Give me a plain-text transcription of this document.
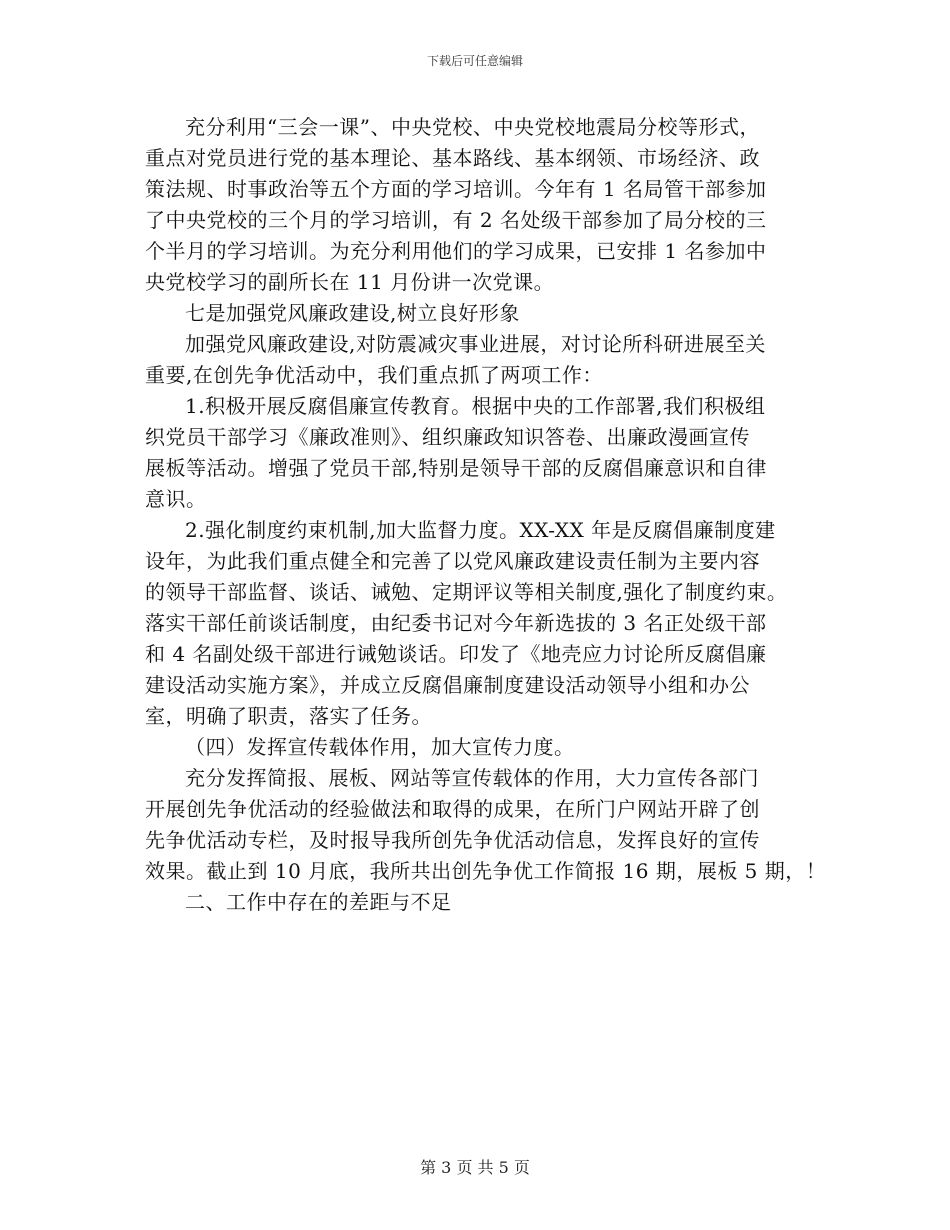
下载后可任意编辑
充分利用“三会一课”、中央党校、中央党校地震局分校等形式，
重点对党员进行党的基本理论、基本路线、基本纲领、市场经济、政
策法规、时事政治等五个方面的学习培训。今年有 1 名局管干部参加
了中央党校的三个月的学习培训，有 2 名处级干部参加了局分校的三
个半月的学习培训。为充分利用他们的学习成果，已安排 1 名参加中
央党校学习的副所长在 11 月份讲一次党课。
七是加强党风廉政建设,树立良好形象
加强党风廉政建设,对防震减灾事业进展，对讨论所科研进展至关
重要,在创先争优活动中，我们重点抓了两项工作：
1.积极开展反腐倡廉宣传教育。根据中央的工作部署,我们积极组
织党员干部学习《廉政准则》、组织廉政知识答卷、出廉政漫画宣传
展板等活动。增强了党员干部,特别是领导干部的反腐倡廉意识和自律
意识。
2.强化制度约束机制,加大监督力度。XX-XX 年是反腐倡廉制度建
设年，为此我们重点健全和完善了以党风廉政建设责任制为主要内容
的领导干部监督、谈话、诫勉、定期评议等相关制度,强化了制度约束。
落实干部任前谈话制度，由纪委书记对今年新选拔的 3 名正处级干部
和 4 名副处级干部进行诫勉谈话。印发了《地壳应力讨论所反腐倡廉
建设活动实施方案》，并成立反腐倡廉制度建设活动领导小组和办公
室，明确了职责，落实了任务。
（四）发挥宣传载体作用，加大宣传力度。
充分发挥简报、展板、网站等宣传载体的作用，大力宣传各部门
开展创先争优活动的经验做法和取得的成果，在所门户网站开辟了创
先争优活动专栏，及时报导我所创先争优活动信息，发挥良好的宣传
效果。截止到 10 月底，我所共出创先争优工作简报 16 期，展板 5 期，！
二、工作中存在的差距与不足
第 3 页 共 5 页
